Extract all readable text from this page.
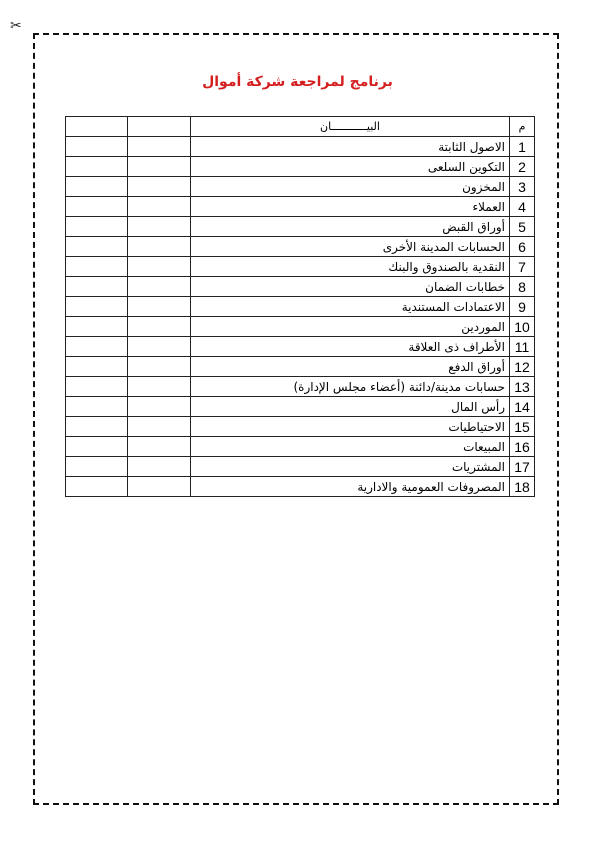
✂
برنامج لمراجعة شركة أموال
م	البيـــــــــــان		
1	الاصول الثابتة		
2	التكوين السلعى		
3	المخزون		
4	العملاء		
5	أوراق القبض		
6	الحسابات المدينة الأخرى		
7	النقدية بالصندوق والبنك		
8	خطابات الضمان		
9	الاعتمادات المستندية		
10	الموردين		
11	الأطراف ذى العلاقة		
12	أوراق الدفع		
13	حسابات مدينة/دائنة (أعضاء مجلس الإدارة)		
14	رأس المال		
15	الاحتياطيات		
16	المبيعات		
17	المشتريات		
18	المصروفات العمومية والادارية		
